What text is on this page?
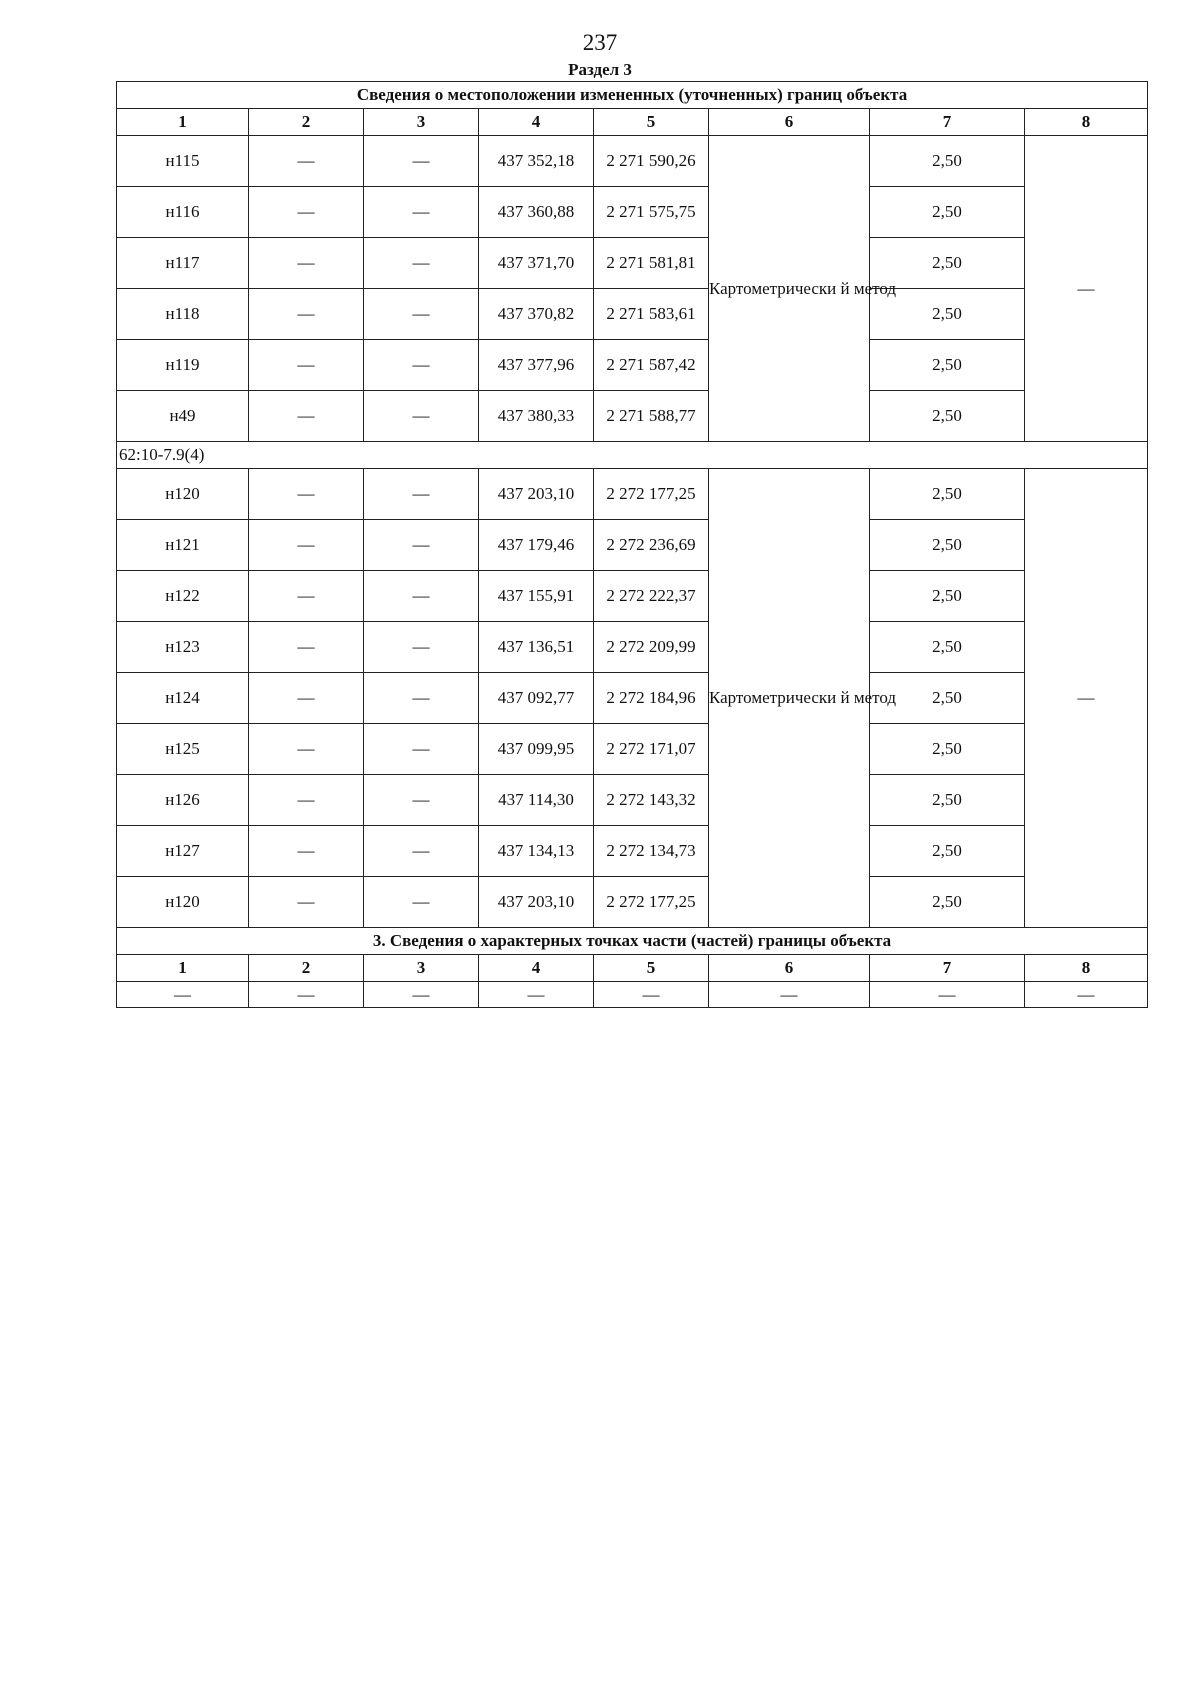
237
Раздел 3
Сведения о местоположении измененных (уточненных) границ объекта							
1	2	3	4	5	6	7	8
н115	—	—	437 352,18	2 271 590,26	Картометрически й метод	2,50	—
н116	—	—	437 360,88	2 271 575,75		2,50	
н117	—	—	437 371,70	2 271 581,81		2,50	
н118	—	—	437 370,82	2 271 583,61		2,50	
н119	—	—	437 377,96	2 271 587,42		2,50	
н49	—	—	437 380,33	2 271 588,77		2,50	
62:10-7.9(4)							
н120	—	—	437 203,10	2 272 177,25	Картометрически й метод	2,50	—
н121	—	—	437 179,46	2 272 236,69		2,50	
н122	—	—	437 155,91	2 272 222,37		2,50	
н123	—	—	437 136,51	2 272 209,99		2,50	
н124	—	—	437 092,77	2 272 184,96		2,50	
н125	—	—	437 099,95	2 272 171,07		2,50	
н126	—	—	437 114,30	2 272 143,32		2,50	
н127	—	—	437 134,13	2 272 134,73		2,50	
н120	—	—	437 203,10	2 272 177,25		2,50	
3. Сведения о характерных точках части (частей) границы объекта							
1	2	3	4	5	6	7	8
—	—	—	—	—	—	—	—
